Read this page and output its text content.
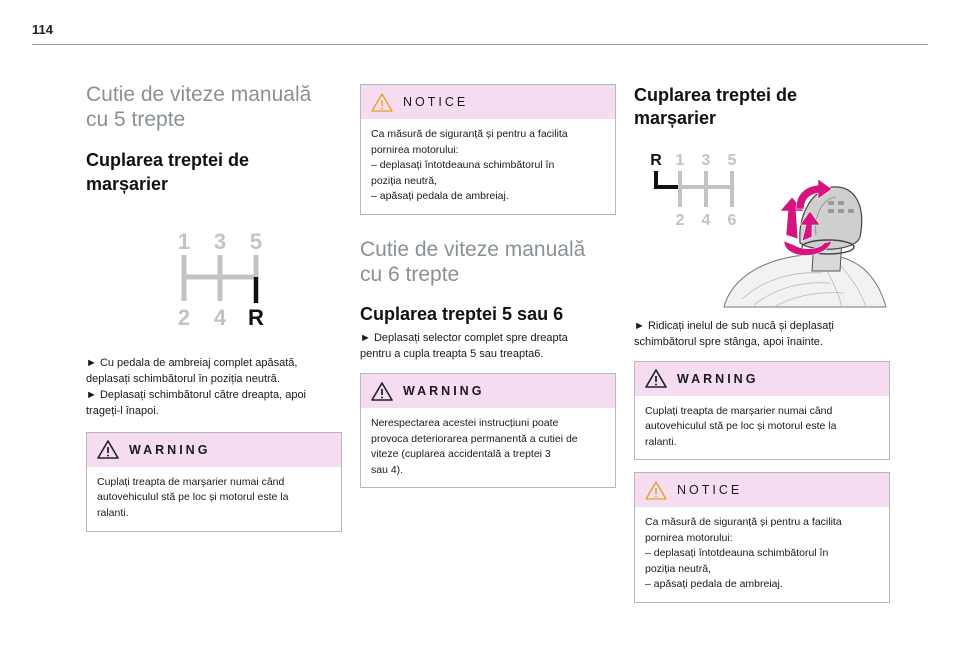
114
Cutie de viteze manuală
cu 5 trepte
Cuplarea treptei de
marșarier
1 3 5
2 4 R
► Cu pedala de ambreiaj complet apăsată, deplasați schimbătorul în poziția neutră.
► Deplasați schimbătorul către dreapta, apoi trageți-l înapoi.
WARNING
Cuplați treapta de marșarier numai când
autovehiculul stă pe loc și motorul este la
ralanti.
NOTICE
Ca măsură de siguranță și pentru a facilita
pornirea motorului:
– deplasați întotdeauna schimbătorul în
poziția neutră,
– apăsați pedala de ambreiaj.
Cutie de viteze manuală
cu 6 trepte
Cuplarea treptei 5 sau 6
► Deplasați selector complet spre dreapta
pentru a cupla treapta 5 sau treapta6.
WARNING
Nerespectarea acestei instrucțiuni poate
provoca deteriorarea permanentă a cutiei de
viteze (cuplarea accidentală a treptei 3
sau 4).
Cuplarea treptei de
marșarier
R 1 3 5
2 4 6
► Ridicați inelul de sub nucă și deplasați
schimbătorul spre stânga, apoi înainte.
WARNING
Cuplați treapta de marșarier numai când
autovehiculul stă pe loc și motorul este la
ralanti.
NOTICE
Ca măsură de siguranță și pentru a facilita
pornirea motorului:
– deplasați întotdeauna schimbătorul în
poziția neutră,
– apăsați pedala de ambreiaj.
